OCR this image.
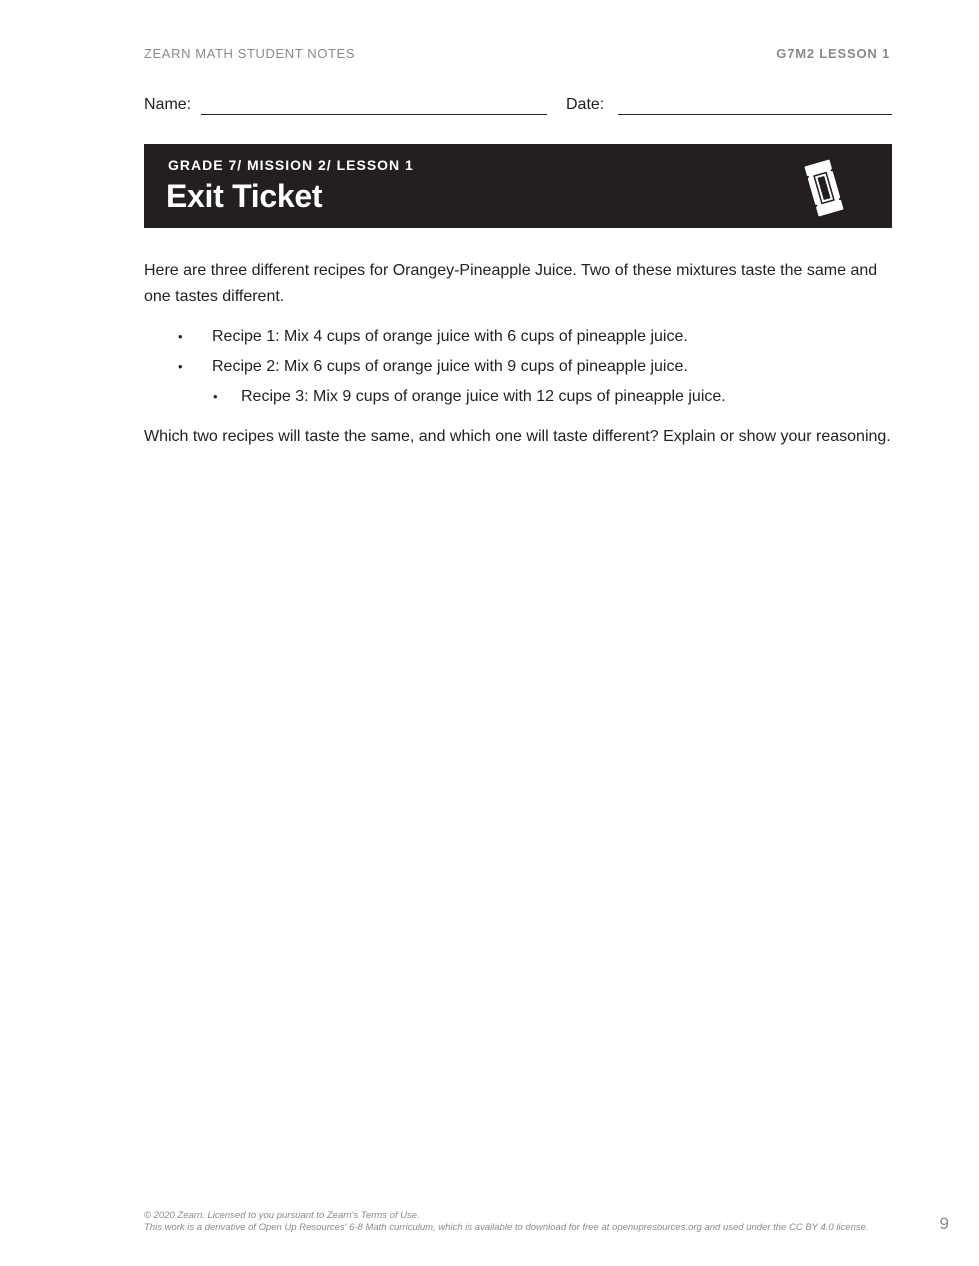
ZEARN MATH STUDENT NOTES	G7M2 LESSON 1
Name:	Date:
GRADE 7/ MISSION 2/ LESSON 1
Exit Ticket

Here are three different recipes for Orangey-Pineapple Juice. Two of these mixtures taste the same and one tastes different.

• Recipe 1: Mix 4 cups of orange juice with 6 cups of pineapple juice.
• Recipe 2: Mix 6 cups of orange juice with 9 cups of pineapple juice.
• Recipe 3: Mix 9 cups of orange juice with 12 cups of pineapple juice.

Which two recipes will taste the same, and which one will taste different? Explain or show your reasoning.

© 2020 Zearn. Licensed to you pursuant to Zearn's Terms of Use.
This work is a derivative of Open Up Resources' 6-8 Math curriculum, which is available to download for free at openupresources.org and used under the CC BY 4.0 license.	9
